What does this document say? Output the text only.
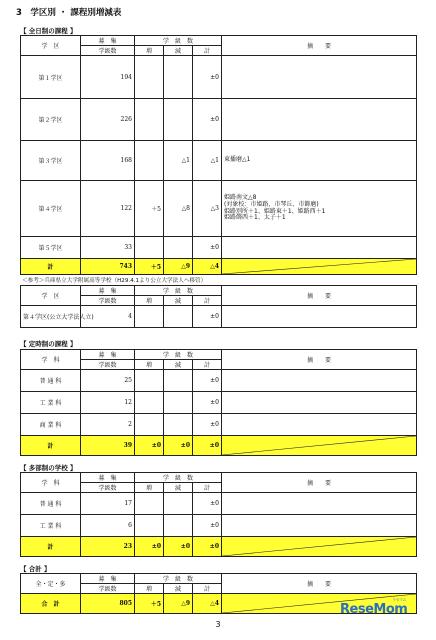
3　学区別 ・ 課程別増減表
【 全日制の課程 】
学　区	募　集	学　級　数			摘　　要
	学級数	増	減	計	
第１学区	194			±0	
第２学区	226			±0	
第３学区	168		△1	△1	東播磨△1

第４学区	122	＋5	△8	△3	姫路南文△8
(対象校：市姫路、市琴丘、市飾磨)
姫路別所＋1、姫路東＋1、姫路西＋1
姫路飾西＋1、太子＋1

第５学区	33			±0	
計	743	＋5	△9	△4	
＜参考＞兵庫県立大学附属高等学校（H29.4.1より公立大学法人へ移管）
学　区	募　集	学　級　数			摘　　要
	学級数	増	減	計	
第４学区(公立大学法人立)	4			±0	
【 定時制の課程 】
学　科	募　集	学　級　数			摘　　要
	学級数	増	減	計	
普 通 科	25			±0	
工 業 科	12			±0	
商 業 科	2			±0	
計	39	±0	±0	±0	
【 多部制の学校 】
学　科	募　集	学　級　数			摘　　要
	学級数	増	減	計	
普 通 科	17			±0	
工 業 科	6			±0	
計	23	±0	±0	±0	
【 合計 】
全・定・多	募　集	学　級　数			摘　　要
	学級数	増	減	計	
合　計	805	＋5	△9	△4	
3
ReseMom
リセマム
